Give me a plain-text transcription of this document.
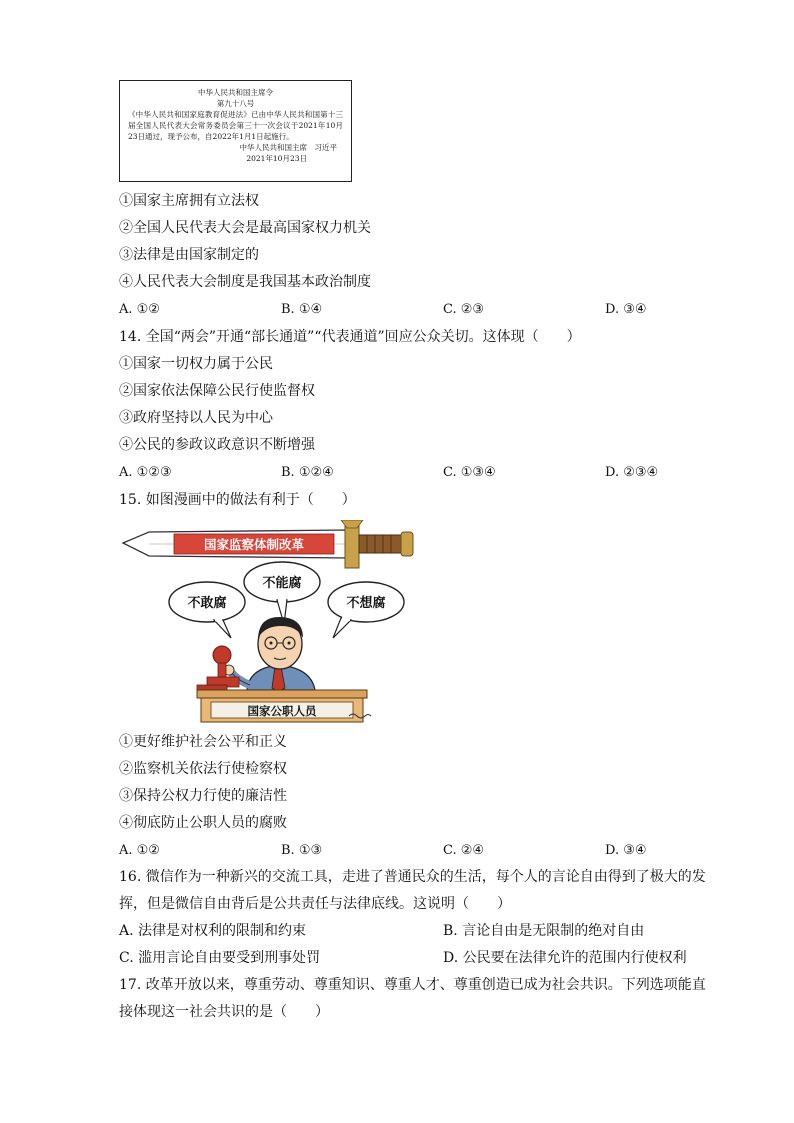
中华人民共和国主席令
第九十八号
《中华人民共和国家庭教育促进法》已由中华人民共和国第十三届全国人民代表大会常务委员会第三十一次会议于2021年10月23日通过，现予公布，自2022年1月1日起施行。
中华人民共和国主席　习近平
2021年10月23日
①国家主席拥有立法权
②全国人民代表大会是最高国家权力机关
③法律是由国家制定的
④人民代表大会制度是我国基本政治制度
A. ①②	B. ①④	C. ②③	D. ③④
14. 全国“两会”开通“部长通道”“代表通道”回应公众关切。这体现（　　）
①国家一切权力属于公民
②国家依法保障公民行使监督权
③政府坚持以人民为中心
④公民的参政议政意识不断增强
A. ①②③	B. ①②④	C. ①③④	D. ②③④
15. 如图漫画中的做法有利于（　　）
国家监察体制改革
不敢腐
不能腐
不想腐
国家公职人员
①更好维护社会公平和正义
②监察机关依法行使检察权
③保持公权力行使的廉洁性
④彻底防止公职人员的腐败
A. ①②	B. ①③	C. ②④	D. ③④
16. 微信作为一种新兴的交流工具，走进了普通民众的生活，每个人的言论自由得到了极大的发
挥，但是微信自由背后是公共责任与法律底线。这说明（　　）
A. 法律是对权利的限制和约束	B. 言论自由是无限制的绝对自由
C. 滥用言论自由要受到刑事处罚	D. 公民要在法律允许的范围内行使权利
17. 改革开放以来，尊重劳动、尊重知识、尊重人才、尊重创造已成为社会共识。下列选项能直
接体现这一社会共识的是（　　）
